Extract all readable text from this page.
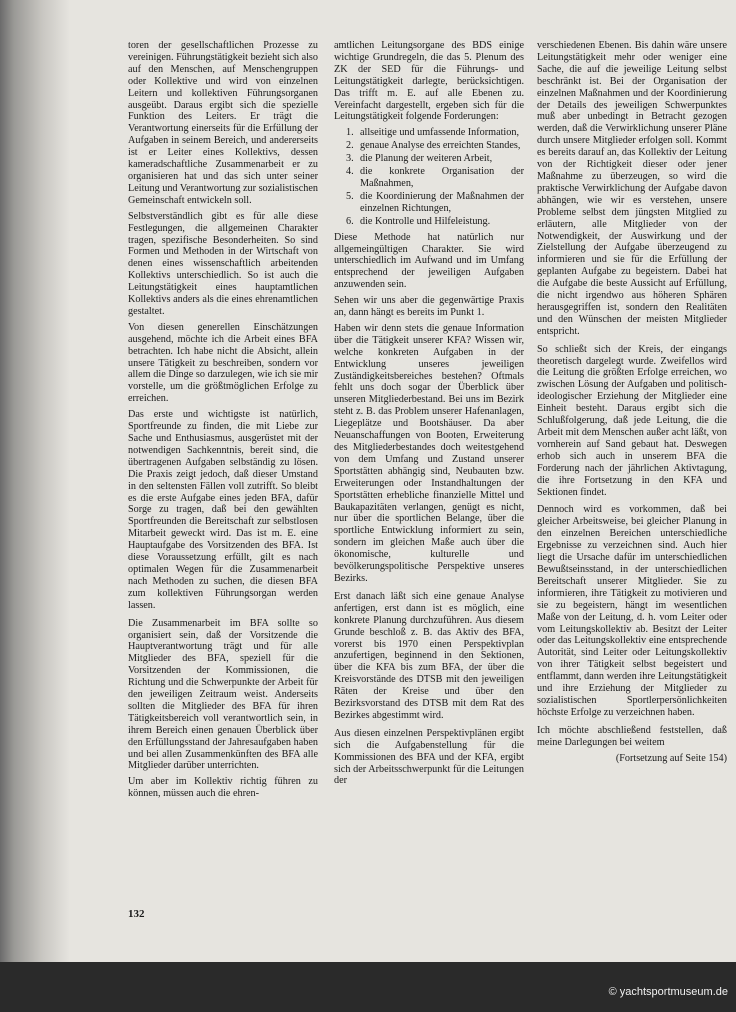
toren der gesellschaftlichen Prozesse zu vereinigen. Führungstätigkeit bezieht sich also auf den Menschen, auf Menschengruppen oder Kollektive und wird von einzelnen Leitern und kollektiven Führungsorganen ausgeübt. Daraus ergibt sich die spezielle Funktion des Leiters. Er trägt die Verantwortung einerseits für die Erfüllung der Aufgaben in seinem Bereich, und andererseits ist er Leiter eines Kollektivs, dessen kameradschaftliche Zusammenarbeit er zu organisieren hat und das sich unter seiner Leitung und Verantwortung zur sozialistischen Gemeinschaft entwickeln soll.

Selbstverständlich gibt es für alle diese Festlegungen, die allgemeinen Charakter tragen, spezifische Besonderheiten. So sind Formen und Methoden in der Wirtschaft von denen eines wissenschaftlich arbeitenden Kollektivs unterschiedlich. So ist auch die Leitungstätigkeit eines hauptamtlichen Kollektivs anders als die eines ehrenamtlichen gestaltet.

Von diesen generellen Einschätzungen ausgehend, möchte ich die Arbeit eines BFA betrachten. Ich habe nicht die Absicht, allein unsere Tätigkeit zu beschreiben, sondern vor allem die Dinge so darzulegen, wie ich sie mir vorstelle, um die größtmöglichen Erfolge zu erreichen.

Das erste und wichtigste ist natürlich, Sportfreunde zu finden, die mit Liebe zur Sache und Enthusiasmus, ausgerüstet mit der notwendigen Sachkenntnis, bereit sind, die übertragenen Aufgaben selbständig zu lösen. Die Praxis zeigt jedoch, daß dieser Umstand in den seltensten Fällen voll zutrifft. So bleibt es die erste Aufgabe eines jeden BFA, dafür Sorge zu tragen, daß bei den gewählten Sportfreunden die Bereitschaft zur selbstlosen Mitarbeit geweckt wird. Das ist m. E. eine Hauptaufgabe des Vorsitzenden des BFA. Ist diese Voraussetzung erfüllt, gilt es nach optimalen Wegen für die Zusammenarbeit nach Methoden zu suchen, die diesen BFA zum kollektiven Führungsorgan werden lassen.

Die Zusammenarbeit im BFA sollte so organisiert sein, daß der Vorsitzende die Hauptverantwortung trägt und für alle Mitglieder des BFA, speziell für die Vorsitzenden der Kommissionen, die Richtung und die Schwerpunkte der Arbeit für den jeweiligen Zeitraum weist. Anderseits sollten die Mitglieder des BFA für ihren Tätigkeitsbereich voll verantwortlich sein, in ihrem Bereich einen genauen Überblick über den Erfüllungsstand der Jahresaufgaben haben und bei allen Zusammenkünften des BFA alle Mitglieder darüber unterrichten.

Um aber im Kollektiv richtig führen zu können, müssen auch die ehren-

amtlichen Leitungsorgane des BDS einige wichtige Grundregeln, die das 5. Plenum des ZK der SED für die Führungs- und Leitungstätigkeit darlegte, berücksichtigen. Das trifft m. E. auf alle Ebenen zu. Vereinfacht dargestellt, ergeben sich für die Leitungstätigkeit folgende Forderungen:

1. allseitige und umfassende Information,
2. genaue Analyse des erreichten Standes,
3. die Planung der weiteren Arbeit,
4. die konkrete Organisation der Maßnahmen,
5. die Koordinierung der Maßnahmen der einzelnen Richtungen,
6. die Kontrolle und Hilfeleistung.

Diese Methode hat natürlich nur allgemeingültigen Charakter. Sie wird unterschiedlich im Aufwand und im Umfang entsprechend der jeweiligen Aufgaben anzuwenden sein.

Sehen wir uns aber die gegenwärtige Praxis an, dann hängt es bereits im Punkt 1.

Haben wir denn stets die genaue Information über die Tätigkeit unserer KFA? Wissen wir, welche konkreten Aufgaben in der Entwicklung unseres jeweiligen Zuständigkeitsbereiches bestehen? Oftmals fehlt uns doch sogar der Überblick über unseren Mitgliederbestand. Bei uns im Bezirk steht z. B. das Problem unserer Hafenanlagen, Liegeplätze und Bootshäuser. Da aber Neuanschaffungen von Booten, Erweiterung des Mitgliederbestandes doch weitestgehend von dem Umfang und Zustand unserer Sportstätten abhängig sind, Neubauten bzw. Erweiterungen oder Instandhaltungen der Sportstätten erhebliche finanzielle Mittel und Baukapazitäten verlangen, genügt es nicht, nur über die sportlichen Belange, über die sportliche Entwicklung informiert zu sein, sondern im gleichen Maße auch über die ökonomische, kulturelle und bevölkerungspolitische Perspektive unseres Bezirks.

Erst danach läßt sich eine genaue Analyse anfertigen, erst dann ist es möglich, eine konkrete Planung durchzuführen. Aus diesem Grunde beschloß z. B. das Aktiv des BFA, vorerst bis 1970 einen Perspektivplan anzufertigen, beginnend in den Sektionen, über die KFA bis zum BFA, der über die Kreisvorstände des DTSB mit den jeweiligen Räten der Kreise und über den Bezirksvorstand des DTSB mit dem Rat des Bezirkes abgestimmt wird.

Aus diesen einzelnen Perspektivplänen ergibt sich die Aufgabenstellung für die Kommissionen des BFA und der KFA, ergibt sich der Arbeitsschwerpunkt für die Leitungen der

verschiedenen Ebenen. Bis dahin wäre unsere Leitungstätigkeit mehr oder weniger eine Sache, die auf die jeweilige Leitung selbst beschränkt ist. Bei der Organisation der einzelnen Maßnahmen und der Koordinierung der Details des jeweiligen Schwerpunktes muß aber unbedingt in Betracht gezogen werden, daß die Verwirklichung unserer Pläne durch unsere Mitglieder erfolgen soll. Kommt es bereits darauf an, das Kollektiv der Leitung von der Richtigkeit dieser oder jener Maßnahme zu überzeugen, so wird die praktische Verwirklichung der Aufgabe davon abhängen, wie wir es verstehen, unsere Probleme selbst dem jüngsten Mitglied zu erläutern, alle Mitglieder von der Notwendigkeit, der Auswirkung und der Zielstellung der Aufgabe überzeugend zu informieren und sie für die Erfüllung der geplanten Aufgabe zu begeistern. Dabei hat die Aufgabe die beste Aussicht auf Erfüllung, die nicht irgendwo aus höheren Sphären herausgegriffen ist, sondern den Realitäten und den Wünschen der meisten Mitglieder entspricht.

So schließt sich der Kreis, der eingangs theoretisch dargelegt wurde. Zweifellos wird die Leitung die größten Erfolge erreichen, wo zwischen Lösung der Aufgaben und politisch-ideologischer Erziehung der Mitglieder eine Einheit besteht. Daraus ergibt sich die Schlußfolgerung, daß jede Leitung, die die Arbeit mit dem Menschen außer acht läßt, von vornherein auf Sand gebaut hat. Deswegen erhob sich auch in unserem BFA die Forderung nach der jährlichen Aktivtagung, die ihre Fortsetzung in den KFA und Sektionen findet.

Dennoch wird es vorkommen, daß bei gleicher Arbeitsweise, bei gleicher Planung in den einzelnen Bereichen unterschiedliche Ergebnisse zu verzeichnen sind. Auch hier liegt die Ursache dafür im unterschiedlichen Bewußtseinsstand, in der unterschiedlichen Bereitschaft unserer Mitglieder. Sie zu informieren, ihre Tätigkeit zu motivieren und sie zu begeistern, hängt im wesentlichen Maße von der Leitung, d. h. vom Leiter oder vom Leitungskollektiv ab. Besitzt der Leiter oder das Leitungskollektiv eine entsprechende Autorität, sind Leiter oder Leitungskollektiv von ihrer Tätigkeit selbst begeistert und entflammt, dann werden ihre Leitungstätigkeit und ihre Erziehung der Mitglieder zu sozialistischen Sportlerpersönlichkeiten höchste Erfolge zu verzeichnen haben.

Ich möchte abschließend feststellen, daß meine Darlegungen bei weitem

(Fortsetzung auf Seite 154)

132
© yachtsportmuseum.de
